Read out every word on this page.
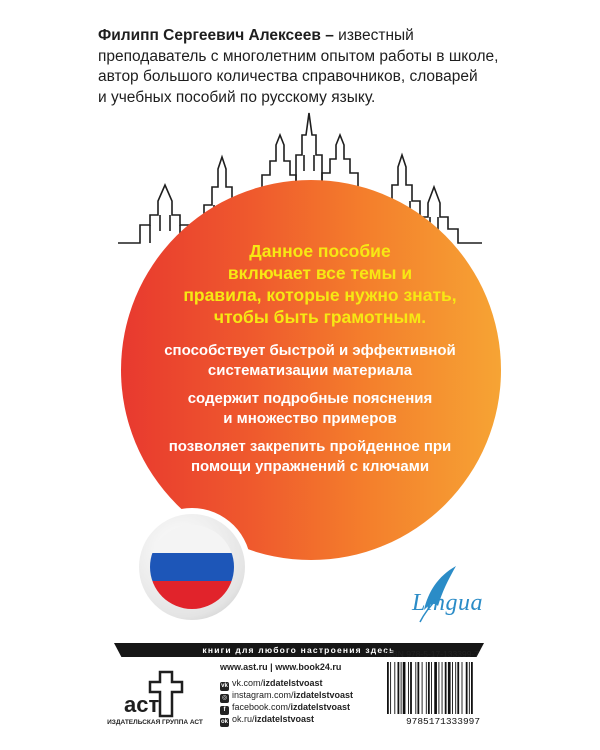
Филипп Сергеевич Алексеев – известный
преподаватель с многолетним опытом работы в школе,
автор большого количества справочников, словарей
и учебных пособий по русскому языку.
Данное пособие
включает все темы и
правила, которые нужно знать,
чтобы быть грамотным.
способствует быстрой и эффективной
систематизации материала
содержит подробные пояснения
и множество примеров
позволяет закрепить пройденное при
помощи упражнений с ключами
Lingua
книги для любого настроения здесь
аст
ИЗДАТЕЛЬСКАЯ ГРУППА АСТ
www.ast.ru | www.book24.ru
vk vk.com/izdatelstvoast
◎ instagram.com/izdatelstvoast
f facebook.com/izdatelstvoast
ok ok.ru/izdatelstvoast
ISBN 978-5-17-133399-7
9785171333997
